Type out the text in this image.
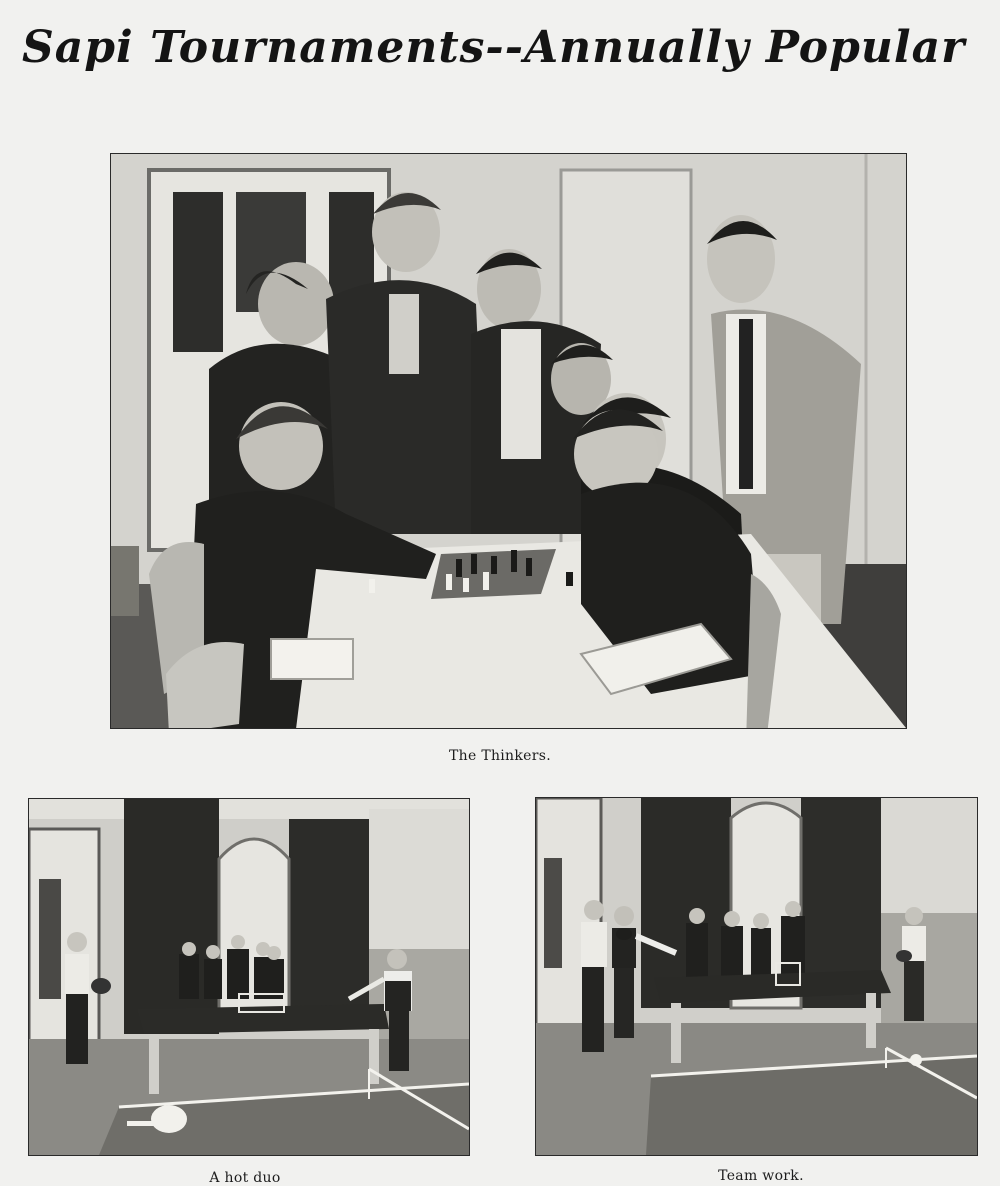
Sapi Tournaments--Annually Popular
The Thinkers.
A hot duo	Team work.
